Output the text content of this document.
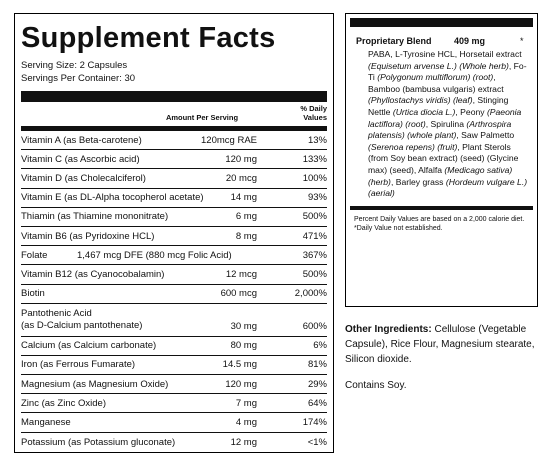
Supplement Facts
Serving Size: 2 Capsules
Servings Per Container: 30
Amount Per Serving
% Daily
Values
Vitamin A (as Beta-carotene)	120mcg RAE	13%
Vitamin C (as Ascorbic acid)	120 mg	133%
Vitamin D (as Cholecalciferol)	20 mcg	100%
Vitamin E (as DL-Alpha tocopherol acetate)	14 mg	93%
Thiamin (as Thiamine mononitrate)	6 mg	500%
Vitamin B6 (as Pyridoxine HCL)	8 mg	471%
Folate	1,467 mcg DFE (880 mcg Folic Acid)	367%
Vitamin B12 (as Cyanocobalamin)	12 mcg	500%
Biotin	600 mcg	2,000%
Pantothenic Acid
(as D-Calcium pantothenate)	30 mg	600%
Calcium (as Calcium carbonate)	80 mg	6%
Iron (as Ferrous Fumarate)	14.5 mg	81%
Magnesium (as Magnesium Oxide)	120 mg	29%
Zinc (as Zinc Oxide)	7 mg	64%
Manganese	4 mg	174%
Potassium (as Potassium gluconate)	12 mg	<1%
Proprietary Blend	409 mg	*
PABA, L-Tyrosine HCL, Horsetail extract (Equisetum arvense L.) (Whole herb), Fo-Ti (Polygonum multiflorum) (root), Bamboo (bambusa vulgaris) extract (Phyllostachys viridis) (leaf), Stinging Nettle (Urtica diocia L.), Peony (Paeonia lactiflora) (root), Spirulina (Arthrospira platensis) (whole plant), Saw Palmetto (Serenoa repens) (fruit), Plant Sterols (from Soy bean extract) (seed) (Glycine max) (seed), Alfalfa (Medicago sativa) (herb), Barley grass (Hordeum vulgare L.) (aerial)
Percent Daily Values are based on a 2,000 calorie diet. *Daily Value not established.
Other Ingredients: Cellulose (Vegetable Capsule), Rice Flour, Magnesium stearate, Silicon dioxide.
Contains Soy.
